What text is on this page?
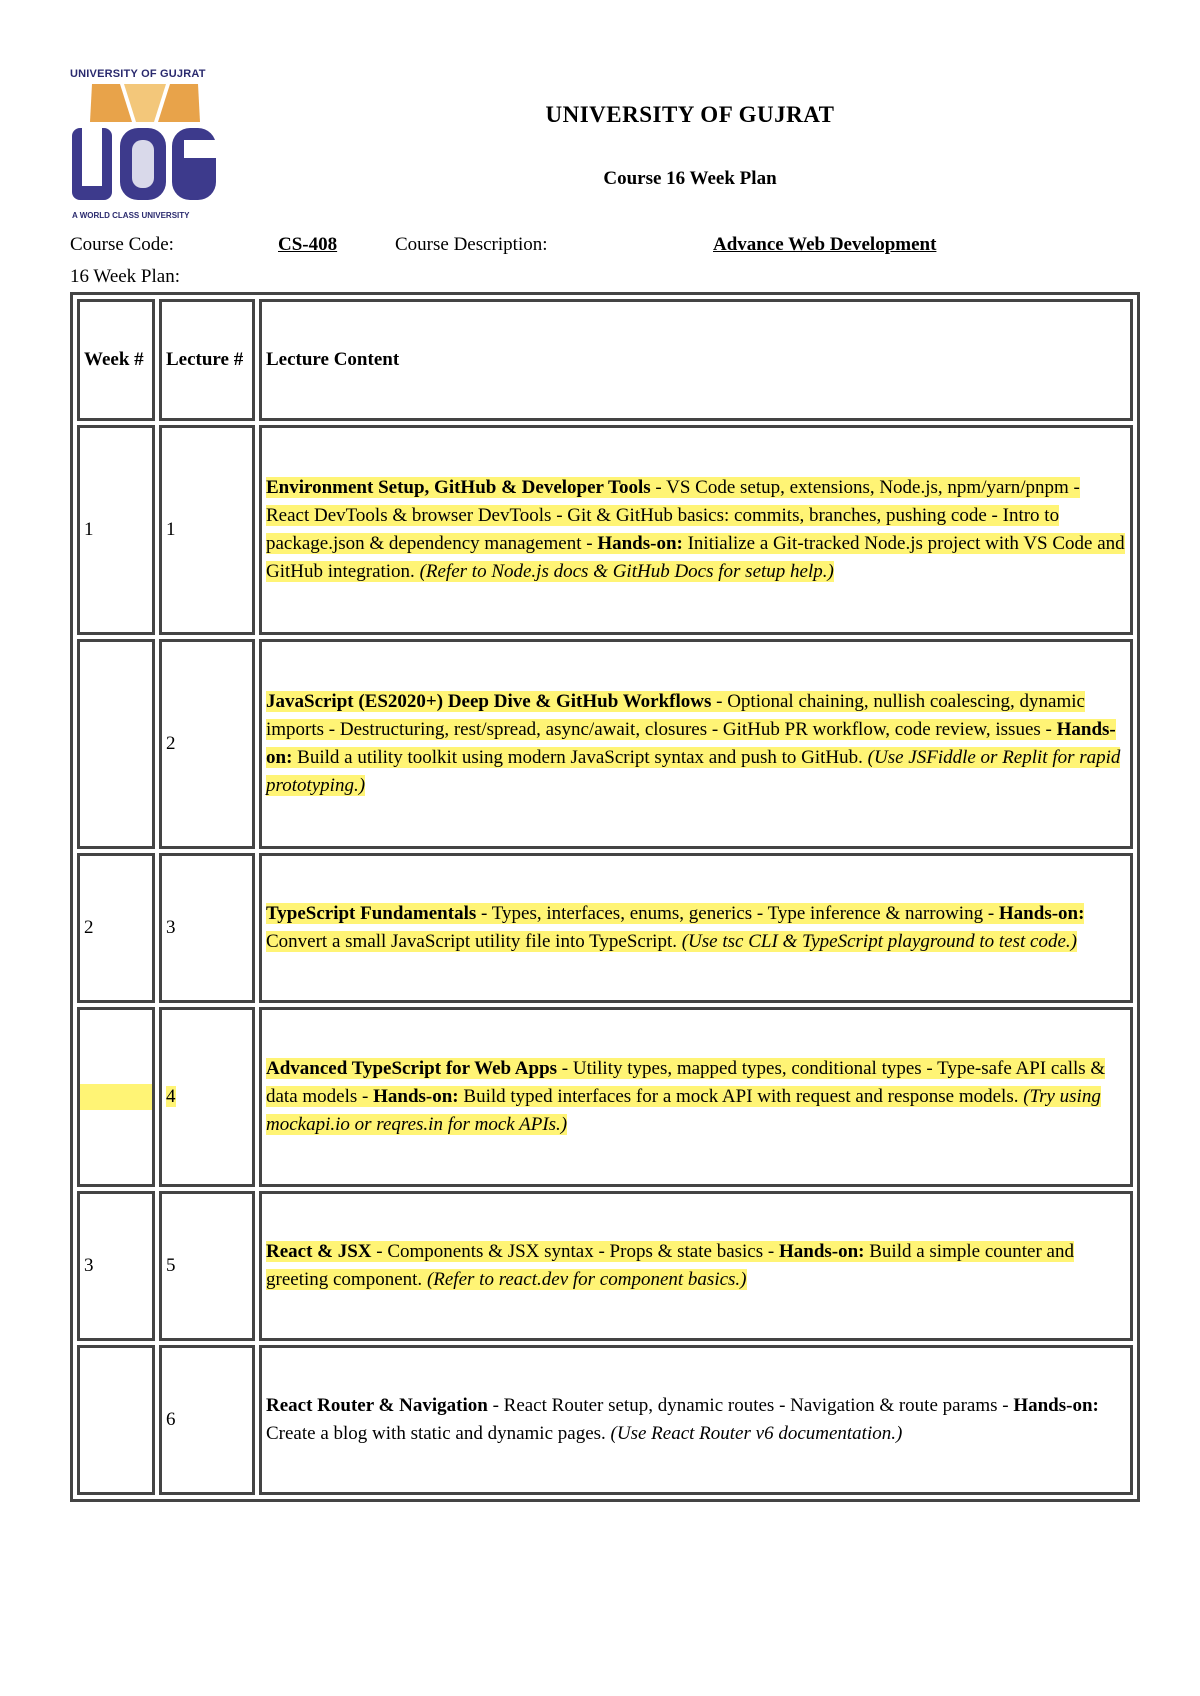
UNIVERSITY OF GUJRAT
A WORLD CLASS UNIVERSITY
UNIVERSITY OF GUJRAT
Course 16 Week Plan
Course Code:	CS-408	Course Description:	Advance Web Development
16 Week Plan:
Week #	Lecture #	Lecture Content
1	1	Environment Setup, GitHub & Developer Tools - VS Code setup, extensions, Node.js, npm/yarn/pnpm - React DevTools & browser DevTools - Git & GitHub basics: commits, branches, pushing code - Intro to package.json & dependency management - Hands-on: Initialize a Git-tracked Node.js project with VS Code and GitHub integration. (Refer to Node.js docs & GitHub Docs for setup help.)
	2	JavaScript (ES2020+) Deep Dive & GitHub Workflows - Optional chaining, nullish coalescing, dynamic imports - Destructuring, rest/spread, async/await, closures - GitHub PR workflow, code review, issues - Hands-on: Build a utility toolkit using modern JavaScript syntax and push to GitHub. (Use JSFiddle or Replit for rapid prototyping.)
2	3	TypeScript Fundamentals - Types, interfaces, enums, generics - Type inference & narrowing - Hands-on: Convert a small JavaScript utility file into TypeScript. (Use tsc CLI & TypeScript playground to test code.)

	4	Advanced TypeScript for Web Apps - Utility types, mapped types, conditional types - Type-safe API calls & data models - Hands-on: Build typed interfaces for a mock API with request and response models. (Try using mockapi.io or reqres.in for mock APIs.)
3	5	React & JSX - Components & JSX syntax - Props & state basics - Hands-on: Build a simple counter and greeting component. (Refer to react.dev for component basics.)
	6	React Router & Navigation - React Router setup, dynamic routes - Navigation & route params - Hands-on: Create a blog with static and dynamic pages. (Use React Router v6 documentation.)
